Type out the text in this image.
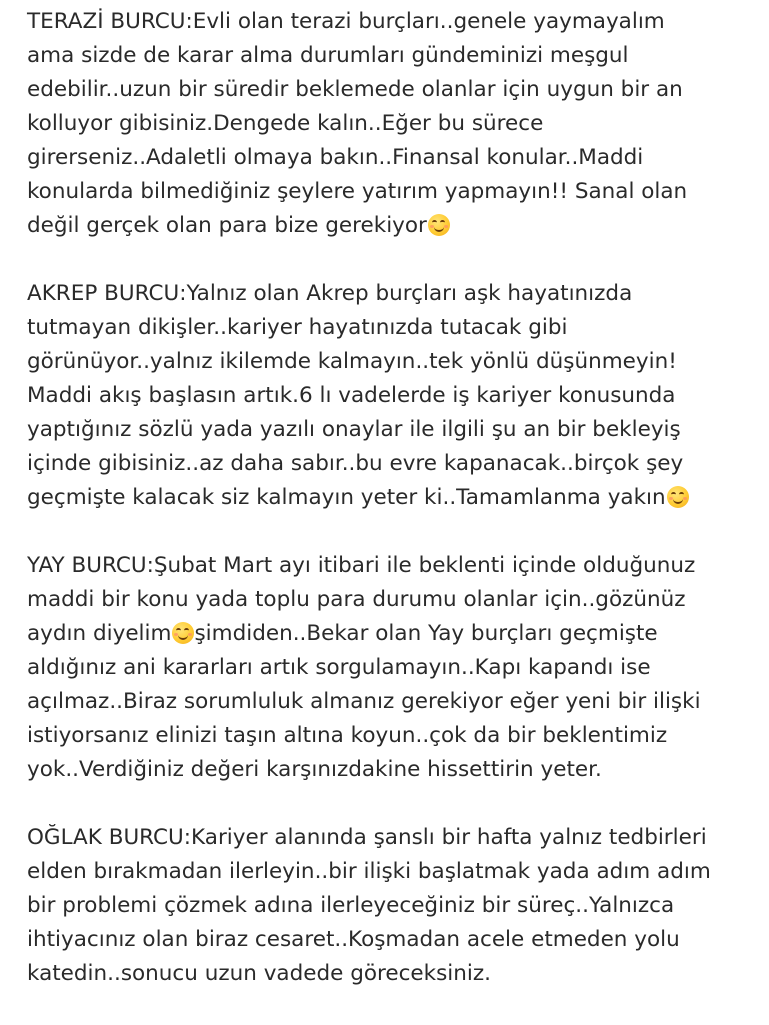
TERAZİ BURCU:Evli olan terazi burçları..genele yaymayalım
ama sizde de karar alma durumları gündeminizi meşgul
edebilir..uzun bir süredir beklemede olanlar için uygun bir an
kolluyor gibisiniz.Dengede kalın..Eğer bu sürece
girerseniz..Adaletli olmaya bakın..Finansal konular..Maddi
konularda bilmediğiniz şeylere yatırım yapmayın!! Sanal olan
değil gerçek olan para bize gerekiyor

AKREP BURCU:Yalnız olan Akrep burçları aşk hayatınızda
tutmayan dikişler..kariyer hayatınızda tutacak gibi
görünüyor..yalnız ikilemde kalmayın..tek yönlü düşünmeyin!
Maddi akış başlasın artık.6 lı vadelerde iş kariyer konusunda
yaptığınız sözlü yada yazılı onaylar ile ilgili şu an bir bekleyiş
içinde gibisiniz..az daha sabır..bu evre kapanacak..birçok şey
geçmişte kalacak siz kalmayın yeter ki..Tamamlanma yakın

YAY BURCU:Şubat Mart ayı itibari ile beklenti içinde olduğunuz
maddi bir konu yada toplu para durumu olanlar için..gözünüz
aydın diyelim şimdiden..Bekar olan Yay burçları geçmişte
aldığınız ani kararları artık sorgulamayın..Kapı kapandı ise
açılmaz..Biraz sorumluluk almanız gerekiyor eğer yeni bir ilişki
istiyorsanız elinizi taşın altına koyun..çok da bir beklentimiz
yok..Verdiğiniz değeri karşınızdakine hissettirin yeter.

OĞLAK BURCU:Kariyer alanında şanslı bir hafta yalnız tedbirleri
elden bırakmadan ilerleyin..bir ilişki başlatmak yada adım adım
bir problemi çözmek adına ilerleyeceğiniz bir süreç..Yalnızca
ihtiyacınız olan biraz cesaret..Koşmadan acele etmeden yolu
katedin..sonucu uzun vadede göreceksiniz.
